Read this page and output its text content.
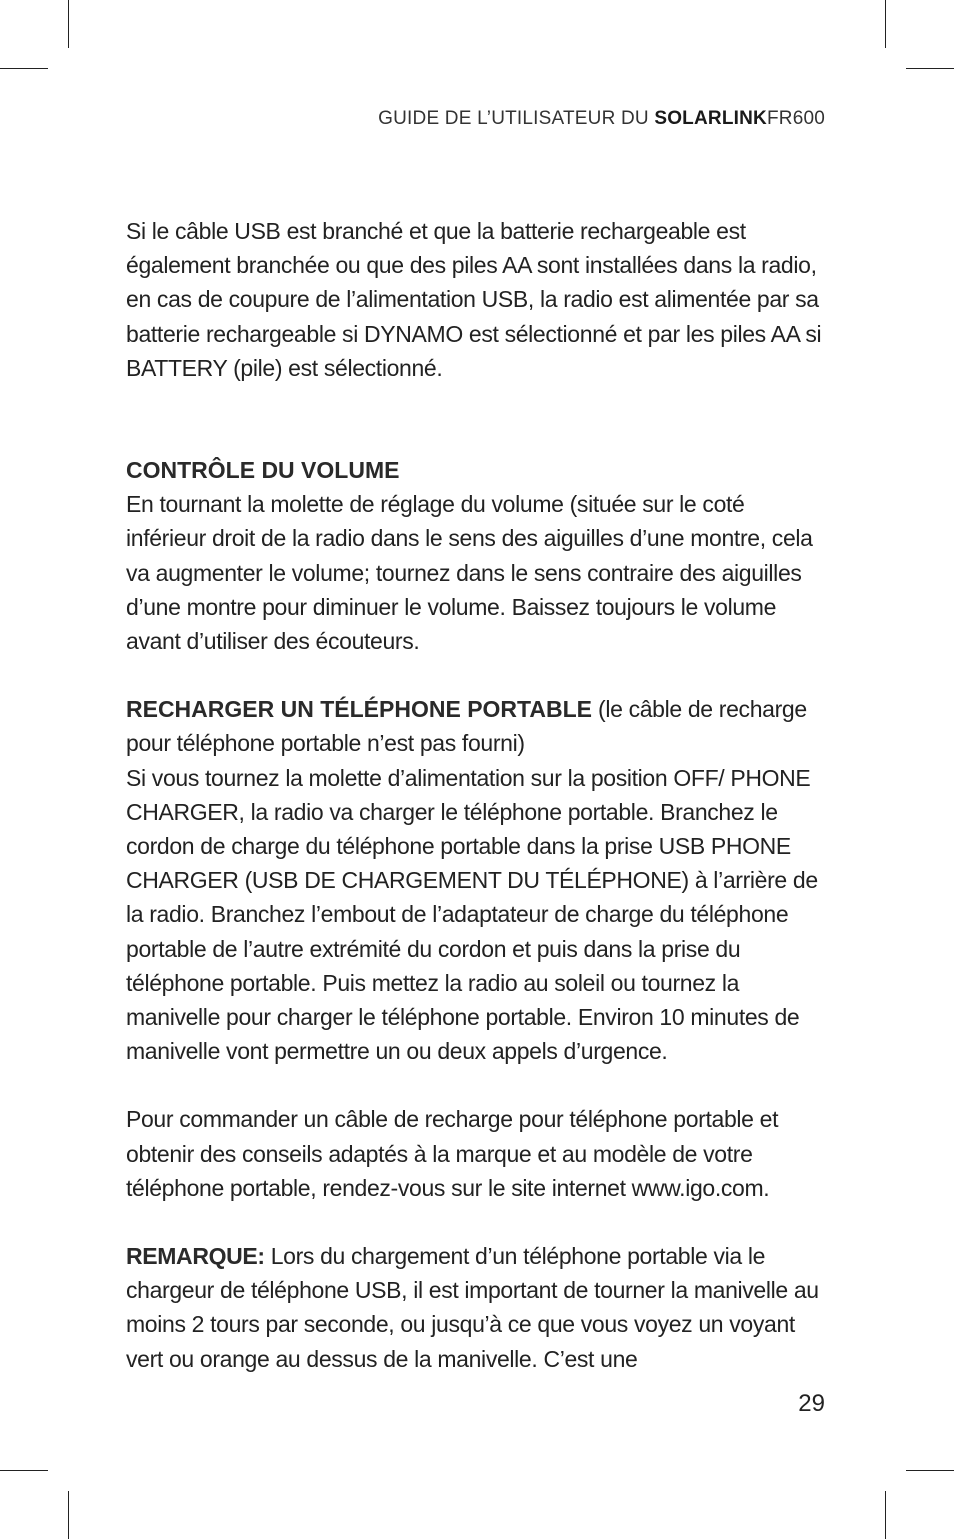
GUIDE DE L’UTILISATEUR DU SOLARLINKFR600

Si le câble USB est branché et que la batterie rechargeable est également branchée ou que des piles AA sont installées dans la radio, en cas de coupure de l’alimentation USB, la radio est alimentée par sa batterie rechargeable si DYNAMO est sélectionné et par les piles AA si BATTERY (pile) est sélectionné.

CONTRÔLE DU VOLUME

En tournant la molette de réglage du volume (située sur le coté inférieur droit de la radio dans le sens des aiguilles d’une montre, cela va augmenter le volume; tournez dans le sens contraire des aiguilles d’une montre pour diminuer le volume. Baissez toujours le volume avant d’utiliser des écouteurs.

RECHARGER UN TÉLÉPHONE PORTABLE (le câble de recharge pour téléphone portable n’est pas fourni)

Si vous tournez la molette d’alimentation sur la position OFF/ PHONE CHARGER, la radio va charger le téléphone portable. Branchez le cordon de charge du téléphone portable dans la prise USB PHONE CHARGER (USB DE CHARGEMENT DU TÉLÉPHONE) à l’arrière de la radio. Branchez l’embout de l’adaptateur de charge du téléphone portable de l’autre extrémité du cordon et puis dans la prise du téléphone portable. Puis mettez la radio au soleil ou tournez la manivelle pour charger le téléphone portable. Environ 10 minutes de manivelle vont permettre un ou deux appels d’urgence.

Pour commander un câble de recharge pour téléphone portable et obtenir des conseils adaptés à la marque et au modèle de votre téléphone portable, rendez-vous sur le site internet www.igo.com.

REMARQUE: Lors du chargement d’un téléphone portable via le chargeur de téléphone USB, il est important de tourner la manivelle au moins 2 tours par seconde, ou jusqu’à ce que vous voyez un voyant vert ou orange au dessus de la manivelle. C’est une

29
